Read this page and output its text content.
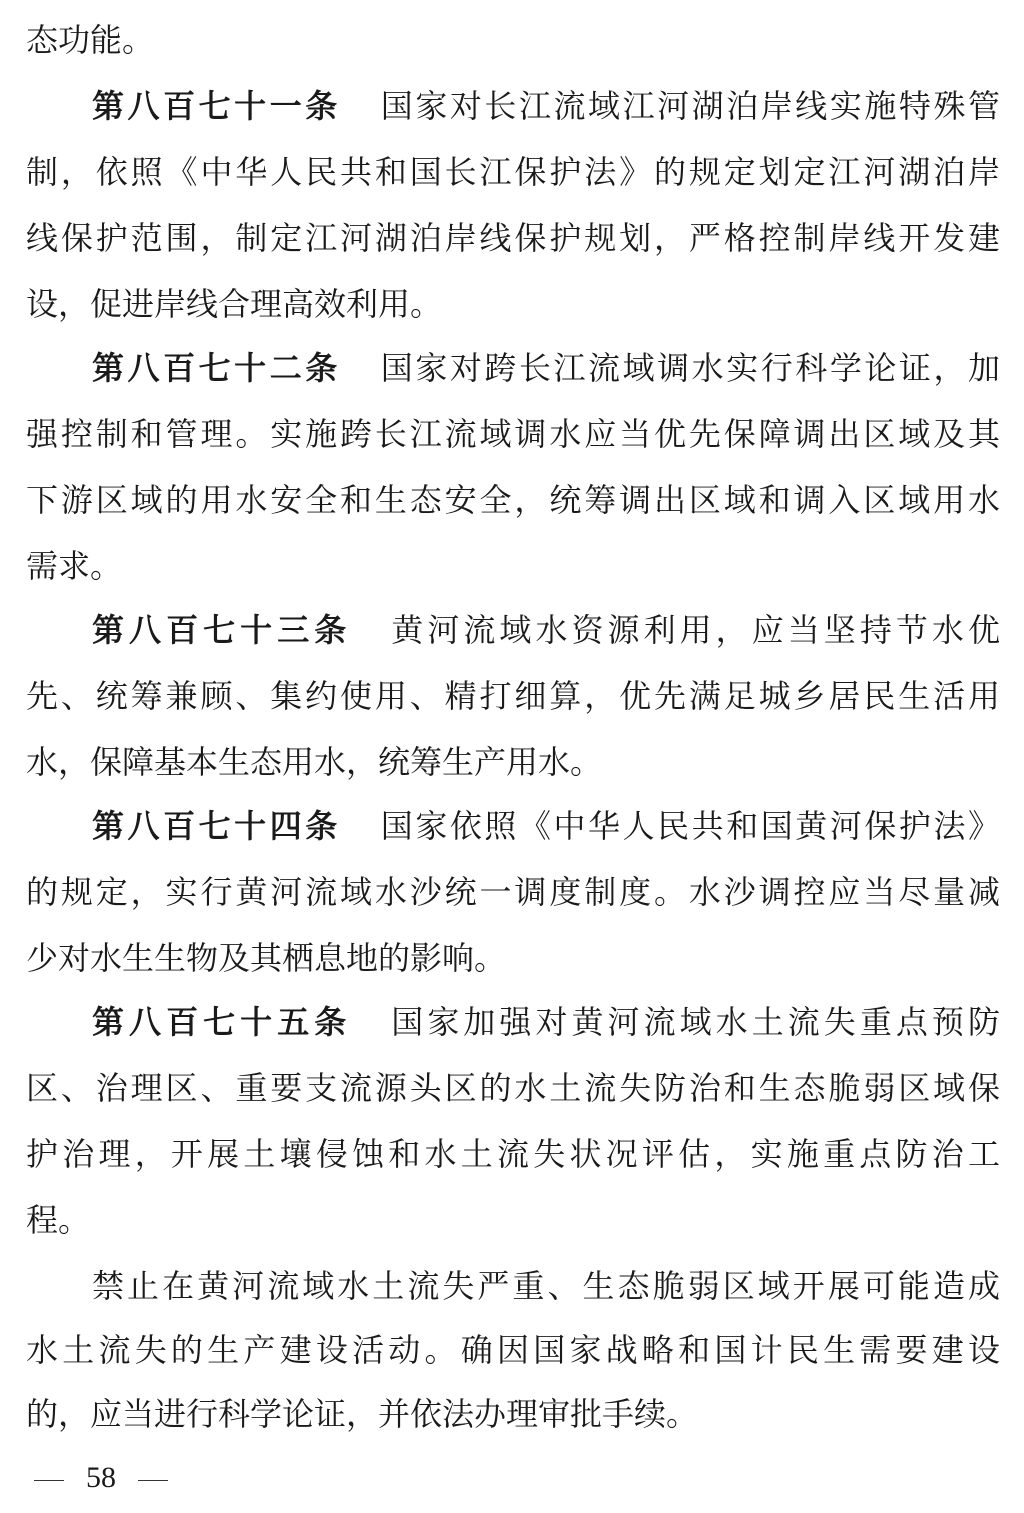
态功能。
第八百七十一条 国家对长江流域江河湖泊岸线实施特殊管
制，依照《中华人民共和国长江保护法》的规定划定江河湖泊岸
线保护范围，制定江河湖泊岸线保护规划，严格控制岸线开发建
设，促进岸线合理高效利用。
第八百七十二条 国家对跨长江流域调水实行科学论证，加
强控制和管理。实施跨长江流域调水应当优先保障调出区域及其
下游区域的用水安全和生态安全，统筹调出区域和调入区域用水
需求。
第八百七十三条 黄河流域水资源利用，应当坚持节水优
先、统筹兼顾、集约使用、精打细算，优先满足城乡居民生活用
水，保障基本生态用水，统筹生产用水。
第八百七十四条 国家依照《中华人民共和国黄河保护法》
的规定，实行黄河流域水沙统一调度制度。水沙调控应当尽量减
少对水生生物及其栖息地的影响。
第八百七十五条 国家加强对黄河流域水土流失重点预防
区、治理区、重要支流源头区的水土流失防治和生态脆弱区域保
护治理，开展土壤侵蚀和水土流失状况评估，实施重点防治工
程。
禁止在黄河流域水土流失严重、生态脆弱区域开展可能造成
水土流失的生产建设活动。确因国家战略和国计民生需要建设
的，应当进行科学论证，并依法办理审批手续。
58
